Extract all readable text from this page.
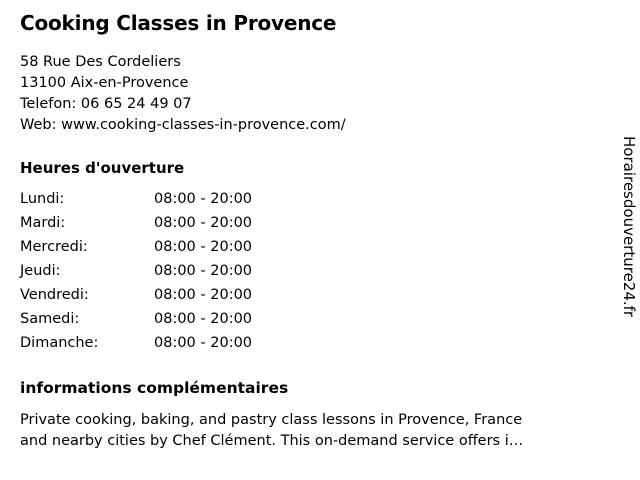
Cooking Classes in Provence

58 Rue Des Cordeliers

13100 Aix-en-Provence

Telefon: 06 65 24 49 07

Web: www.cooking-classes-in-provence.com/

Heures d'ouverture
Lundi:	08:00 - 20:00
Mardi:	08:00 - 20:00
Mercredi:	08:00 - 20:00
Jeudi:	08:00 - 20:00
Vendredi:	08:00 - 20:00
Samedi:	08:00 - 20:00
Dimanche:	08:00 - 20:00
informations complémentaires

Private cooking, baking, and pastry class lessons in Provence, France
and nearby cities by Chef Clément. This on-demand service offers i…

Horairesdouverture24.fr
